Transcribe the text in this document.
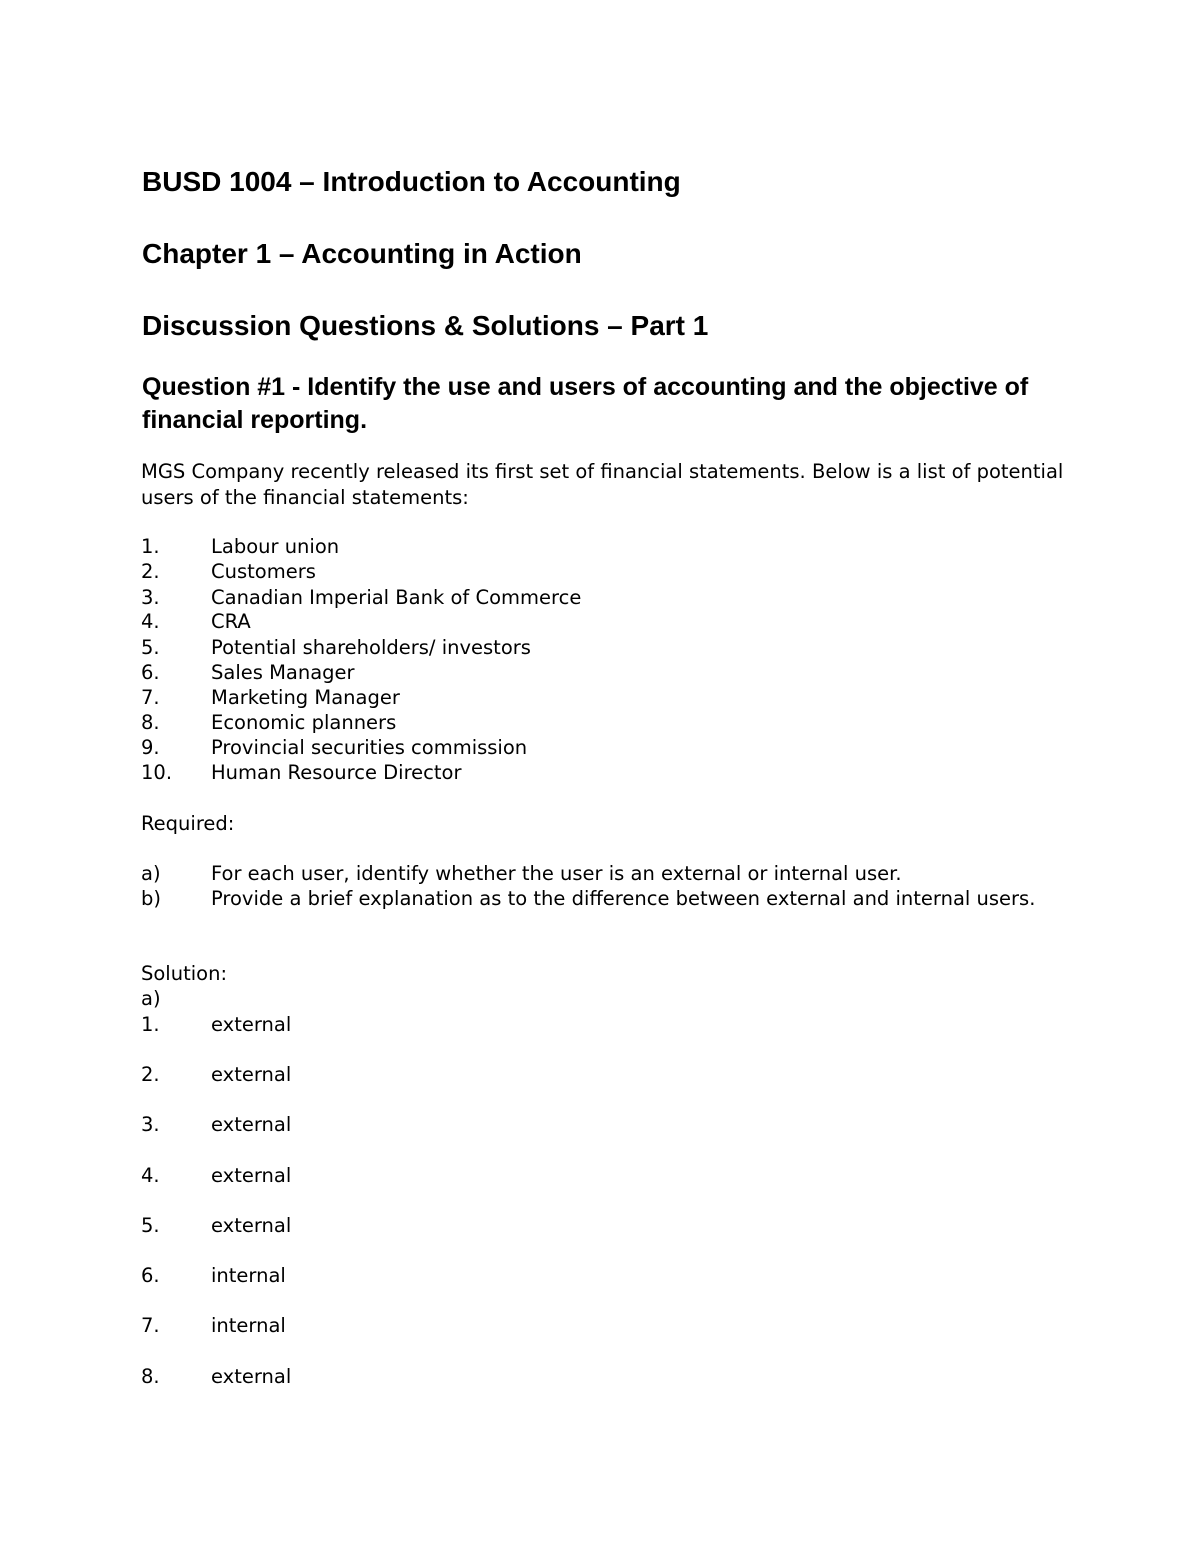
BUSD 1004 – Introduction to Accounting
Chapter 1 – Accounting in Action
Discussion Questions & Solutions – Part 1
Question #1 - Identify the use and users of accounting and the objective of financial reporting.

MGS Company recently released its first set of financial statements. Below is a list of potential users of the financial statements:

1.	Labour union
2.	Customers
3.	Canadian Imperial Bank of Commerce
4.	CRA
5.	Potential shareholders/ investors
6.	Sales Manager
7.	Marketing Manager
8.	Economic planners
9.	Provincial securities commission
10. Human Resource Director
Required:
a)	For each user, identify whether the user is an external or internal user.
b)	Provide a brief explanation as to the difference between external and internal users.
Solution:
a)
1.	external
2.	external
3.	external
4.	external
5.	external
6.	internal
7.	internal
8.	external
